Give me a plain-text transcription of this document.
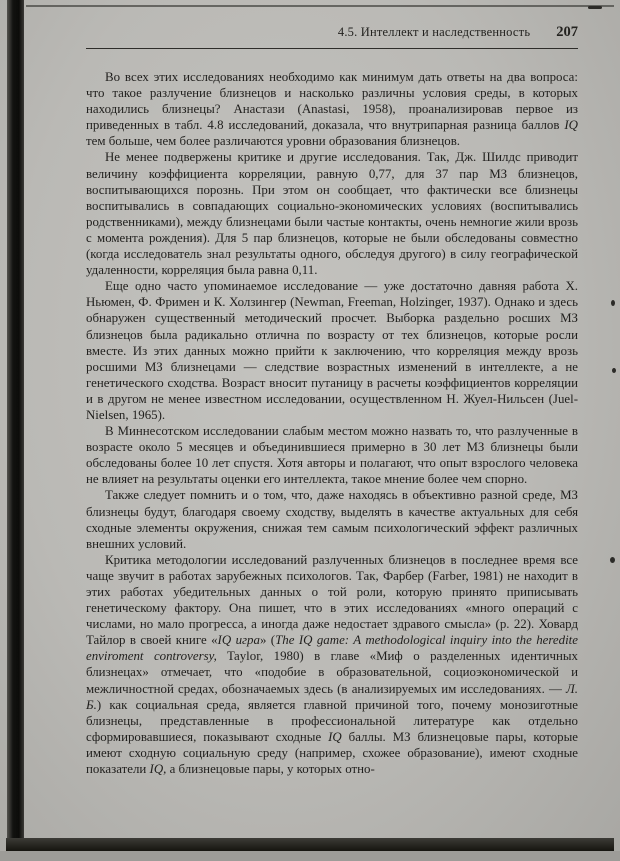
4.5. Интеллект и наследственность 207

Во всех этих исследованиях необходимо как минимум дать ответы на два вопроса: что такое разлучение близнецов и насколько различны условия среды, в которых находились близнецы? Анастази (Anastasi, 1958), проанализировав первое из приведенных в табл. 4.8 исследований, доказала, что внутрипарная разница баллов IQ тем больше, чем более различаются уровни образования близнецов.

Не менее подвержены критике и другие исследования. Так, Дж. Шилдс приводит величину коэффициента корреляции, равную 0,77, для 37 пар МЗ близнецов, воспитывающихся порознь. При этом он сообщает, что фактически все близнецы воспитывались в совпадающих социально-экономических условиях (воспитывались родственниками), между близнецами были частые контакты, очень немногие жили врозь с момента рождения). Для 5 пар близнецов, которые не были обследованы совместно (когда исследователь знал результаты одного, обследуя другого) в силу географической удаленности, корреляция была равна 0,11.

Еще одно часто упоминаемое исследование — уже достаточно давняя работа Х. Ньюмен, Ф. Фримен и К. Холзингер (Newman, Freeman, Holzinger, 1937). Однако и здесь обнаружен существенный методический просчет. Выборка раздельно росших МЗ близнецов была радикально отлична по возрасту от тех близнецов, которые росли вместе. Из этих данных можно прийти к заключению, что корреляция между врозь росшими МЗ близнецами — следствие возрастных изменений в интеллекте, а не генетического сходства. Возраст вносит путаницу в расчеты коэффициентов корреляции и в другом не менее известном исследовании, осуществленном Н. Жуел-Нильсен (Juel-Nielsen, 1965).

В Миннесотском исследовании слабым местом можно назвать то, что разлученные в возрасте около 5 месяцев и объединившиеся примерно в 30 лет МЗ близнецы были обследованы более 10 лет спустя. Хотя авторы и полагают, что опыт взрослого человека не влияет на результаты оценки его интеллекта, такое мнение более чем спорно.

Также следует помнить и о том, что, даже находясь в объективно разной среде, МЗ близнецы будут, благодаря своему сходству, выделять в качестве актуальных для себя сходные элементы окружения, снижая тем самым психологический эффект различных внешних условий.

Критика методологии исследований разлученных близнецов в последнее время все чаще звучит в работах зарубежных психологов. Так, Фарбер (Farber, 1981) не находит в этих работах убедительных данных о той роли, которую принято приписывать генетическому фактору. Она пишет, что в этих исследованиях «много операций с числами, но мало прогресса, а иногда даже недостает здравого смысла» (р. 22). Ховард Тайлор в своей книге «IQ игра» (The IQ game: A methodological inquiry into the heredite enviroment controversy, Taylor, 1980) в главе «Миф о разделенных идентичных близнецах» отмечает, что «подобие в образовательной, социоэкономической и межличностной средах, обозначаемых здесь (в анализируемых им исследованиях. — Л. Б.) как социальная среда, является главной причиной того, почему монозиготные близнецы, представленные в профессиональной литературе как отдельно сформировавшиеся, показывают сходные IQ баллы. МЗ близнецовые пары, которые имеют сходную социальную среду (например, схожее образование), имеют сходные показатели IQ, а близнецовые пары, у которых отно-
